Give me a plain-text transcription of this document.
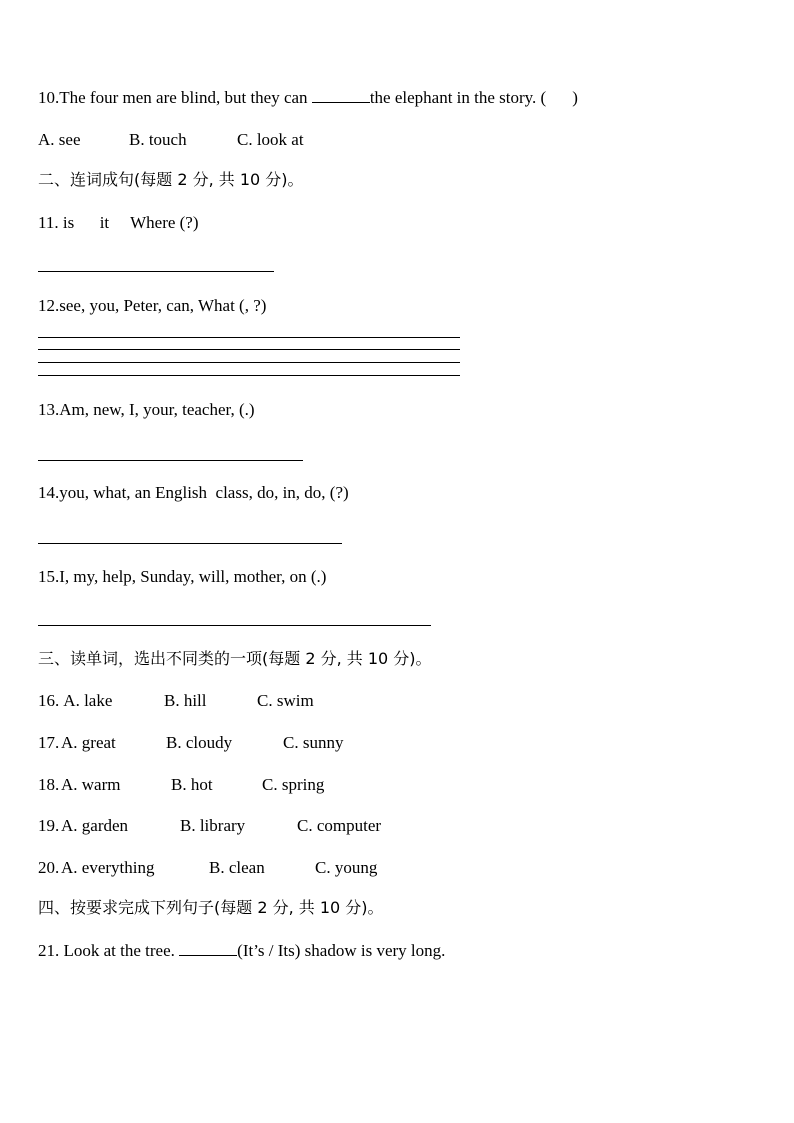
10.The four men are blind, but they can	the elephant in the story. ( )
A. see	B. touch	C. look at
二、连词成句(每题 2 分, 共 10 分)。
11. is      it     Where (?)
12.see, you, Peter, can, What (, ?)
13.Am, new, I, your, teacher, (.)
14.you, what, an English  class, do, in, do, (?)
15.I, my, help, Sunday, will, mother, on (.)
三、读单词，选出不同类的一项(每题 2 分, 共 10 分)。
16. A. lake	B. hill	C. swim
17. A. great	B. cloudy	C. sunny
18. A. warm	B. hot	C. spring
19. A. garden	B. library	C. computer
20. A. everything	B. clean	C. young
四、按要求完成下列句子(每题 2 分, 共 10 分)。
21. Look at the tree.	(It’s / Its) shadow is very long.
